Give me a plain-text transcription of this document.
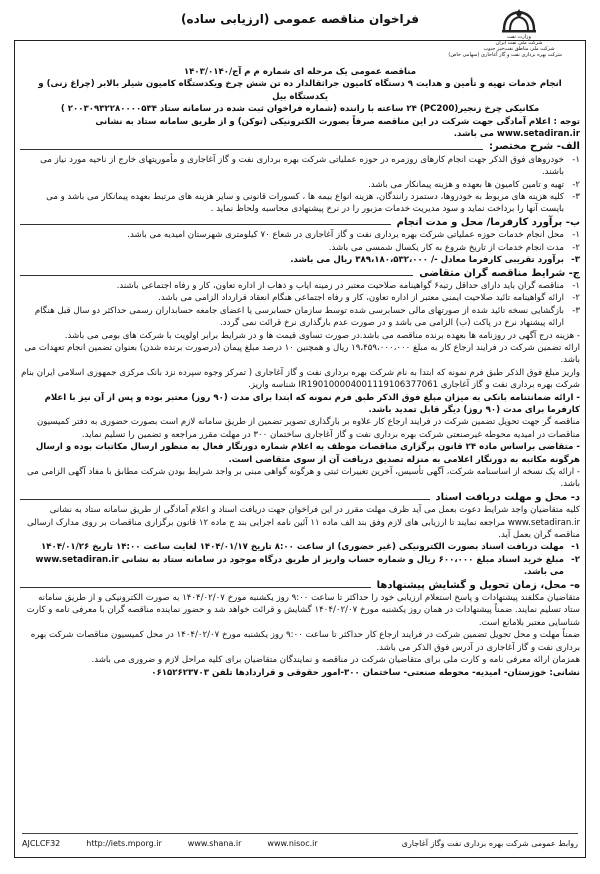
وزارت نفت
شرکت ملی نفت ایران
شرکت ملی مناطق نفت‌خیز جنوب
شرکت بهره برداری نفت و گاز آغاجاری (سهامی خاص)
فراخوان مناقصه عمومی (ارزیابی ساده)
مناقصه عمومی یک مرحله ای شماره م م آج/۱۴۰۳/۰۱۴۰
انجام خدمات تهیه و تأمین و هدایت ۹ دستگاه کامیون جراثقالدار ده تن شش چرخ ویکدستگاه کامیون شیلر بالابر (چراغ زنی) و یکدستگاه بیل
مکانیکی چرخ زنجیر(PC200) ۲۴ ساعته با راننده (شماره فراخوان ثبت شده در سامانه ستاد ۲۰۰۳۰۹۳۲۲۸۰۰۰۰۵۳۴ )
توجه : اعلام آمادگی جهت شرکت در این مناقصه صرفاً بصورت الکترونیکی (توکن) و از طریق سامانه ستاد به نشانی www.setadiran.ir می باشد.
الف- شرح مختصر:
۱-
خودروهای فوق الذکر جهت انجام کارهای روزمره در حوزه عملیاتی شرکت بهره برداری نفت و گاز آغاجاری و مأموریتهای خارج از ناحیه مورد نیاز می باشند.
۲-
تهیه و تامین کامیون ها بعهده و هزینه پیمانکار می باشد.
۳-
کلیه هزینه های مربوط به خودروها، دستمزد رانندگان، هزینه انواع بیمه ها ، کسورات قانونی و سایر هزینه های مرتبط بعهده پیمانکار می باشد و می بایست آنها را برداخت نماید و سود مدیریت خدمات مزبور را در نرخ پیشنهادی محاسبه ولحاظ نماید .
ب- برآورد کارفرما/ محل و مدت انجام
۱-
محل انجام خدمات حوزه عملیاتی شرکت بهره برداری نفت و گاز آغاجاری در شعاع ۷۰ کیلومتری شهرستان امیدیه می باشد.
۲-
مدت انجام خدمات از تاریخ شروع به کار یکسال شمسی می باشد.
۳-
برآورد تقریبی کارفرما معادل -/ ۳۸۹،۱۸۰،۵۳۲،۰۰۰ ریال می باشد.
ج- شرایط مناقصه گران متقاضی
۱-
مناقصه گران باید دارای حداقل رتبه۶ گواهینامه صلاحیت معتبر در زمینه ایاب و ذهاب از اداره تعاون، کار و رفاه اجتماعی باشند.
۲-
ارائه گواهینامه تائید صلاحیت ایمنی معتبر از اداره تعاون، کار و رفاه اجتماعی هنگام انعقاد قرارداد الزامی می باشد.
۳-
بازگشایی نسخه تائید شده از صورتهای مالی حسابرسی شده توسط سازمان حسابرسی یا اعضای جامعه حسابداران رسمی حداکثر دو سال قبل هنگام ارائه پیشنهاد نرخ در پاکت (ب) الزامی می باشد و در صورت عدم بارگذاری نرخ قرائت نمی گردد.
- هزینه درج آگهی در روزنامه ها بعهده برنده مناقصه می باشد.در صورت تساوی قیمت ها و در شرایط برابر اولویت با شرکت های بومی می باشد.
ارائه تضمین شرکت در فرایند ارجاع کار به مبلغ ۱۹،۴۵۹،۰۰۰،۰۰۰ ریال و همچنین ۱۰ درصد مبلغ پیمان (درصورت برنده شدن) بعنوان تضمین انجام تعهدات می باشد.
واریز مبلغ فوق الذکر طبق فرم نمونه که ابتدا به نام شرکت بهره برداری نفت و گاز آغاجاری ( تمرکز وجوه سپرده نزد بانک مرکزی جمهوری اسلامی ایران بنام شرکت بهره برداری نفت و گاز آغاجاری IR190100004001119106377061 شناسه واریز.
- ارائه ضمانتنامه بانکی به میزان مبلغ فوق الذکر طبق فرم نمونه که ابتدا برای مدت (۹۰ روز) معتبر بوده و پس از آن نیز با اعلام کارفرما برای مدت (۹۰ روز) دیگر قابل تمدید باشد.
مناقصه گر جهت تحویل تضمین شرکت در فرایند ارجاع کار علاوه بر بارگذاری تصویر تضمین از طریق سامانه لازم است بصورت حضوری به دفتر کمیسیون مناقصات در امیدیه محوطه غیرصنعتی شرکت بهره برداری نفت و گاز آغاجاری ساختمان ۳۰۰ در مهلت مقرر مراجعه و تضمین را تسلیم نماید.
- متقاضی براساس ماده ۲۴ قانون برگزاری مناقصات موظف به اعلام شماره دورنگار فعال به منظور ارسال مکاتبات بوده و ارسال هرگونه مکاتبه به دورنگار اعلامی به منزله تصدیق دریافت آن از سوی متقاضی است.
- ارائه یک نسخه از اساسنامه شرکت، آگهی تأسیس، آخرین تغییرات ثبتی و هرگونه گواهی مبنی بر واجد شرایط بودن شرکت مطابق با مفاد آگهی الزامی می باشد.
د- محل و مهلت دریافت اسناد
کلیه متقاضیان واجد شرایط دعوت بعمل می آید ظرف مهلت مقرر در این فراخوان جهت دریافت اسناد و اعلام آمادگی از طریق سامانه ستاد به نشانی www.setadiran.ir مراجعه نمایند تا ارزیابی های لازم وفق بند الف ماده ۱۱ آئین نامه اجرایی بند ج ماده ۱۲ قانون برگزاری مناقصات بر روی مدارک ارسالی مناقصه گران بعمل آید.
۱-
مهلت دریافت اسناد بصورت الکترونیکی (غیر حضوری) از ساعت ۸:۰۰ تاریخ ۱۴۰۴/۰۱/۱۷ لغایت ساعت ۱۴:۰۰ تاریخ ۱۴۰۴/۰۱/۲۶
۲-
مبلغ خرید اسناد مبلغ ۶۰۰،۰۰۰ ریال و شماره حساب واریز از طریق درگاه موجود در سامانه ستاد به نشانی www.setadiran.ir می باشد.
ه- محل، زمان تحویل و گشایش پیشنهادها
متقاضیان مکلفند پیشنهادات و پاسخ استعلام ارزیابی خود را حداکثر تا ساعت ۹:۰۰ روز یکشنبه مورخ ۱۴۰۴/۰۲/۰۷ به صورت الکترونیکی و از طریق سامانه ستاد تسلیم نمایند. ضمناً پیشنهادات در همان روز یکشنبه مورخ ۱۴۰۴/۰۲/۰۷ گشایش و قرائت خواهد شد و حضور نماینده مناقصه گران با معرفی نامه و کارت شناسایی معتبر بلامانع است.
ضمناً مهلت و محل تحویل تضمین شرکت در فرایند ارجاع کار حداکثر تا ساعت ۹:۰۰ روز یکشنبه مورخ ۱۴۰۴/۰۲/۰۷ در محل کمیسیون مناقصات شرکت بهره برداری نفت و گاز آغاجاری در آدرس فوق الذکر می باشد.
همزمان ارائه معرفی نامه و کارت ملی برای متقاضیان شرکت در مناقصه و نمایندگان متقاضیان برای کلیه مراحل لازم و ضروری می باشد.
نشانی: خوزستان- امیدیه- محوطه صنعتی- ساختمان ۳۰۰-امور حقوقی و قراردادها تلفن ۰۶۱۵۲۶۲۳۷۰۳
روابط عمومی شرکت بهره برداری نفت وگاز آغاجاری
www.nisoc.ir
www.shana.ir
http://iets.mporg.ir
AJCLCF32
